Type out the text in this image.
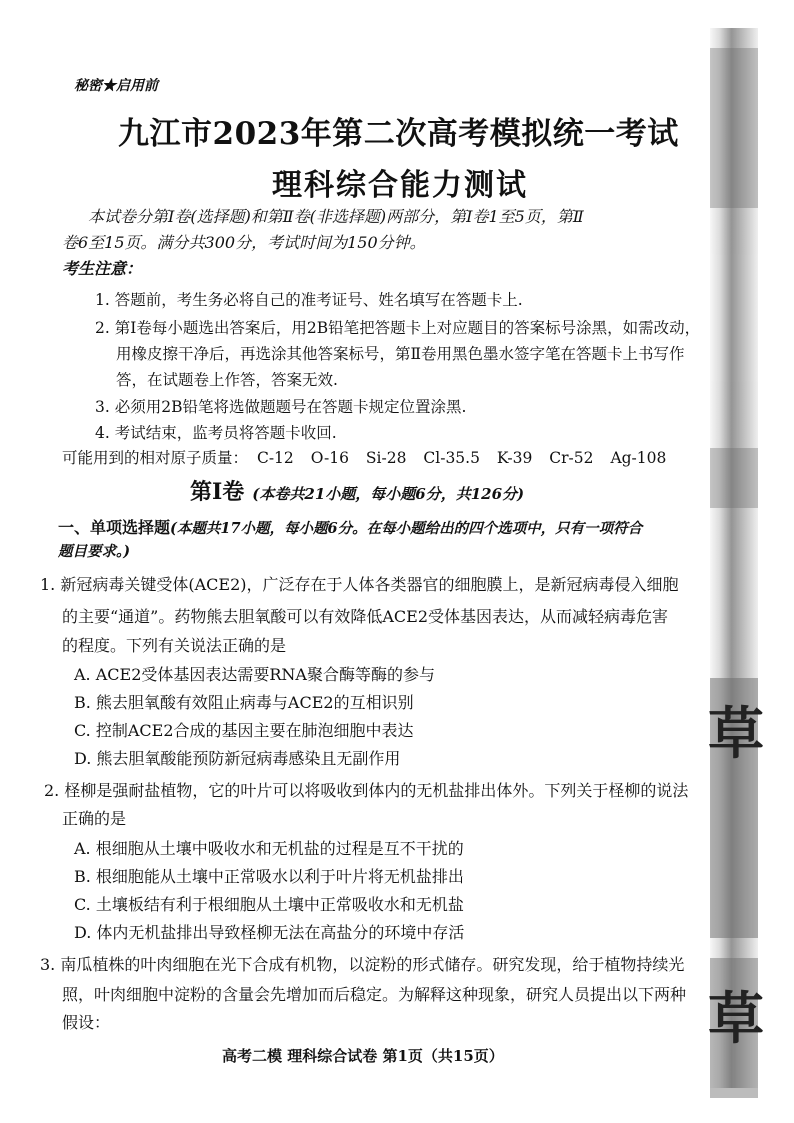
草
草
秘密★启用前
九江市2023年第二次高考模拟统一考试
理科综合能力测试
本试卷分第Ⅰ卷(选择题)和第Ⅱ卷(非选择题)两部分，第Ⅰ卷1至5页，第Ⅱ
卷6至15页。满分共300分，考试时间为150分钟。
考生注意：
1. 答题前，考生务必将自己的准考证号、姓名填写在答题卡上.
2. 第Ⅰ卷每小题选出答案后，用2B铅笔把答题卡上对应题目的答案标号涂黑，如需改动，
用橡皮擦干净后，再选涂其他答案标号，第Ⅱ卷用黑色墨水签字笔在答题卡上书写作
答，在试题卷上作答，答案无效.
3. 必须用2B铅笔将选做题题号在答题卡规定位置涂黑.
4. 考试结束，监考员将答题卡收回.
可能用到的相对原子质量： C-12 O-16 Si-28 Cl-35.5 K-39 Cr-52 Ag-108
第Ⅰ卷 (本卷共21小题，每小题6分，共126分)
一、单项选择题(本题共17小题，每小题6分。在每小题给出的四个选项中，只有一项符合
题目要求。)
1. 新冠病毒关键受体(ACE2)，广泛存在于人体各类器官的细胞膜上，是新冠病毒侵入细胞
的主要“通道”。药物熊去胆氧酸可以有效降低ACE2受体基因表达，从而减轻病毒危害
的程度。下列有关说法正确的是
A. ACE2受体基因表达需要RNA聚合酶等酶的参与
B. 熊去胆氧酸有效阻止病毒与ACE2的互相识别
C. 控制ACE2合成的基因主要在肺泡细胞中表达
D. 熊去胆氧酸能预防新冠病毒感染且无副作用
2. 柽柳是强耐盐植物，它的叶片可以将吸收到体内的无机盐排出体外。下列关于柽柳的说法
正确的是
A. 根细胞从土壤中吸收水和无机盐的过程是互不干扰的
B. 根细胞能从土壤中正常吸水以利于叶片将无机盐排出
C. 土壤板结有利于根细胞从土壤中正常吸收水和无机盐
D. 体内无机盐排出导致柽柳无法在高盐分的环境中存活
3. 南瓜植株的叶肉细胞在光下合成有机物，以淀粉的形式储存。研究发现，给于植物持续光
照，叶肉细胞中淀粉的含量会先增加而后稳定。为解释这种现象，研究人员提出以下两种
假设：
高考二模 理科综合试卷 第1页（共15页）
